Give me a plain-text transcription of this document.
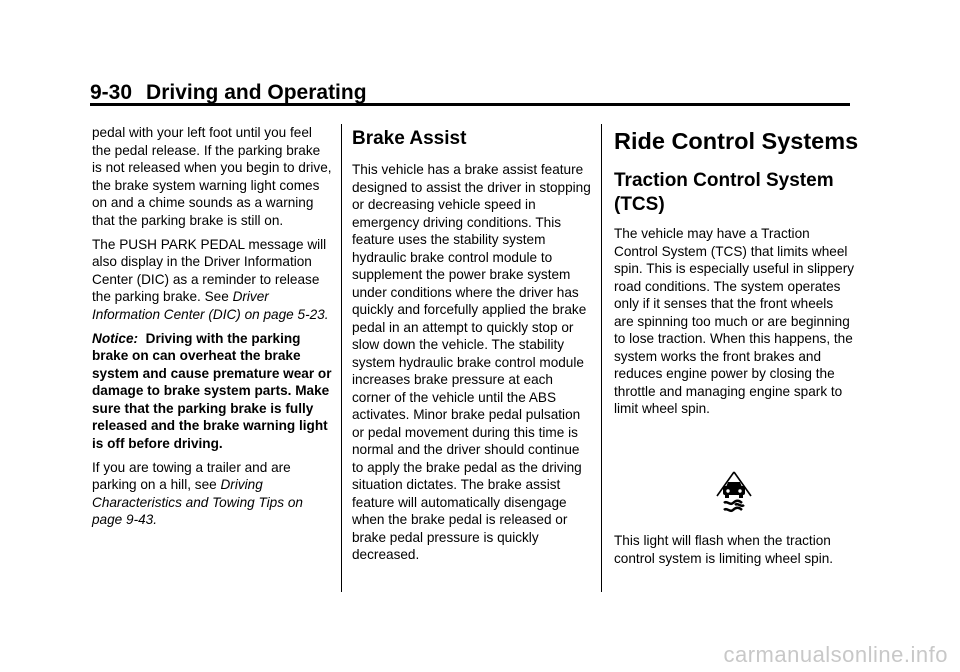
9-30 Driving and Operating

pedal with your left foot until you feel the pedal release. If the parking brake is not released when you begin to drive, the brake system warning light comes on and a chime sounds as a warning that the parking brake is still on.

The PUSH PARK PEDAL message will also display in the Driver Information Center (DIC) as a reminder to release the parking brake. See Driver Information Center (DIC) on page 5-23.

Notice: Driving with the parking brake on can overheat the brake system and cause premature wear or damage to brake system parts. Make sure that the parking brake is fully released and the brake warning light is off before driving.

If you are towing a trailer and are parking on a hill, see Driving Characteristics and Towing Tips on page 9-43.

Brake Assist

This vehicle has a brake assist feature designed to assist the driver in stopping or decreasing vehicle speed in emergency driving conditions. This feature uses the stability system hydraulic brake control module to supplement the power brake system under conditions where the driver has quickly and forcefully applied the brake pedal in an attempt to quickly stop or slow down the vehicle. The stability system hydraulic brake control module increases brake pressure at each corner of the vehicle until the ABS activates. Minor brake pedal pulsation or pedal movement during this time is normal and the driver should continue to apply the brake pedal as the driving situation dictates. The brake assist feature will automatically disengage when the brake pedal is released or brake pedal pressure is quickly decreased.

Ride Control Systems
Traction Control System (TCS)

The vehicle may have a Traction Control System (TCS) that limits wheel spin. This is especially useful in slippery road conditions. The system operates only if it senses that the front wheels are spinning too much or are beginning to lose traction. When this happens, the system works the front brakes and reduces engine power by closing the throttle and managing engine spark to limit wheel spin.

This light will flash when the traction control system is limiting wheel spin.

carmanualsonline.info
